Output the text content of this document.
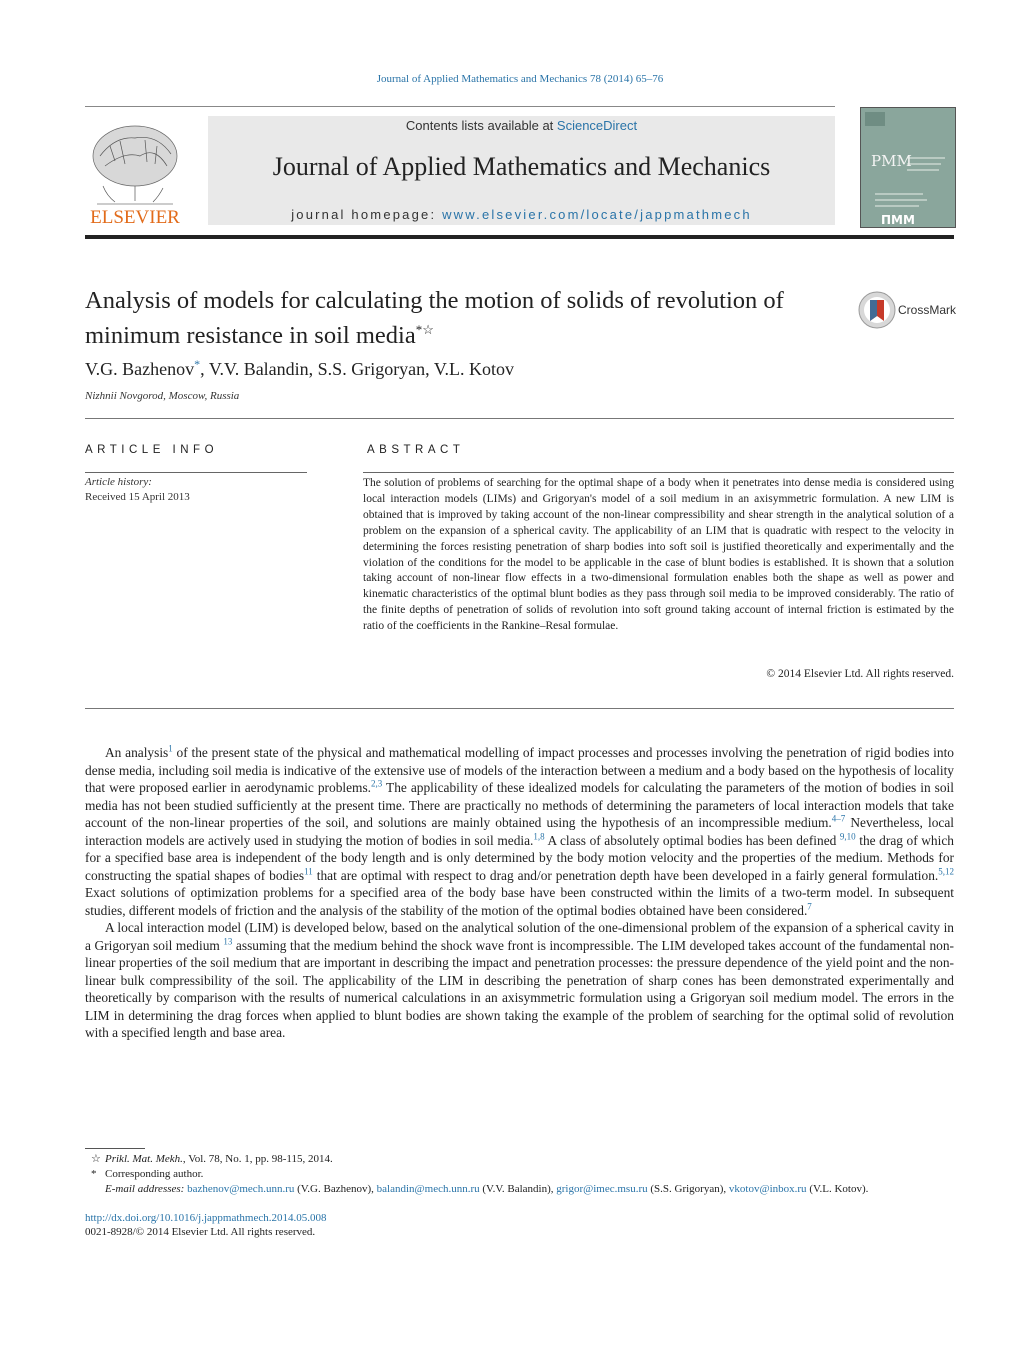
Journal of Applied Mathematics and Mechanics 78 (2014) 65–76
ELSEVIER
Contents lists available at ScienceDirect
Journal of Applied Mathematics and Mechanics
journal homepage: www.elsevier.com/locate/jappmathmech
PMM
ПММ
Analysis of models for calculating the motion of solids of revolution of minimum resistance in soil media*☆
CrossMark
V.G. Bazhenov*, V.V. Balandin, S.S. Grigoryan, V.L. Kotov
Nizhnii Novgorod, Moscow, Russia
ARTICLE INFO
Article history:
Received 15 April 2013
ABSTRACT
The solution of problems of searching for the optimal shape of a body when it penetrates into dense media is considered using local interaction models (LIMs) and Grigoryan's model of a soil medium in an axisymmetric formulation. A new LIM is obtained that is improved by taking account of the non-linear compressibility and shear strength in the analytical solution of a problem on the expansion of a spherical cavity. The applicability of an LIM that is quadratic with respect to the velocity in determining the forces resisting penetration of sharp bodies into soft soil is justified theoretically and experimentally and the violation of the conditions for the model to be applicable in the case of blunt bodies is established. It is shown that a solution taking account of non-linear flow effects in a two-dimensional formulation enables both the shape as well as power and kinematic characteristics of the optimal blunt bodies as they pass through soil media to be improved considerably. The ratio of the finite depths of penetration of solids of revolution into soft ground taking account of internal friction is estimated by the ratio of the coefficients in the Rankine–Resal formulae.
© 2014 Elsevier Ltd. All rights reserved.

An analysis$^1$ of the present state of the physical and mathematical modelling of impact processes and processes involving the penetration of rigid bodies into dense media, including soil media is indicative of the extensive use of models of the interaction between a medium and a body based on the hypothesis of locality that were proposed earlier in aerodynamic problems.$^{2,3}$ The applicability of these idealized models for calculating the parameters of the motion of bodies in soil media has not been studied sufficiently at the present time. There are practically no methods of determining the parameters of local interaction models that take account of the non-linear properties of the soil, and solutions are mainly obtained using the hypothesis of an incompressible medium.$^{4-7}$ Nevertheless, local interaction models are actively used in studying the motion of bodies in soil media.$^{1,8}$ A class of absolutely optimal bodies has been defined $^{9,10}$ the drag of which for a specified base area is independent of the body length and is only determined by the body motion velocity and the properties of the medium. Methods for constructing the spatial shapes of bodies$^{11}$ that are optimal with respect to drag and/or penetration depth have been developed in a fairly general formulation.$^{5,12}$ Exact solutions of optimization problems for a specified area of the body base have been constructed within the limits of a two-term model. In subsequent studies, different models of friction and the analysis of the stability of the motion of the optimal bodies obtained have been considered.$^7$

A local interaction model (LIM) is developed below, based on the analytical solution of the one-dimensional problem of the expansion of a spherical cavity in a Grigoryan soil medium $^{13}$ assuming that the medium behind the shock wave front is incompressible. The LIM developed takes account of the fundamental non-linear properties of the soil medium that are important in describing the impact and penetration processes: the pressure dependence of the yield point and the non-linear bulk compressibility of the soil. The applicability of the LIM in describing the penetration of sharp cones has been demonstrated experimentally and theoretically by comparison with the results of numerical calculations in an axisymmetric formulation using a Grigoryan soil medium model. The errors in the LIM in determining the drag forces when applied to blunt bodies are shown taking the example of the problem of searching for the optimal solid of revolution with a specified length and base area.

☆ Prikl. Mat. Mekh., Vol. 78, No. 1, pp. 98-115, 2014.
* Corresponding author.
E-mail addresses: bazhenov@mech.unn.ru (V.G. Bazhenov), balandin@mech.unn.ru (V.V. Balandin), grigor@imec.msu.ru (S.S. Grigoryan), vkotov@inbox.ru (V.L. Kotov).
http://dx.doi.org/10.1016/j.jappmathmech.2014.05.008
0021-8928/© 2014 Elsevier Ltd. All rights reserved.
